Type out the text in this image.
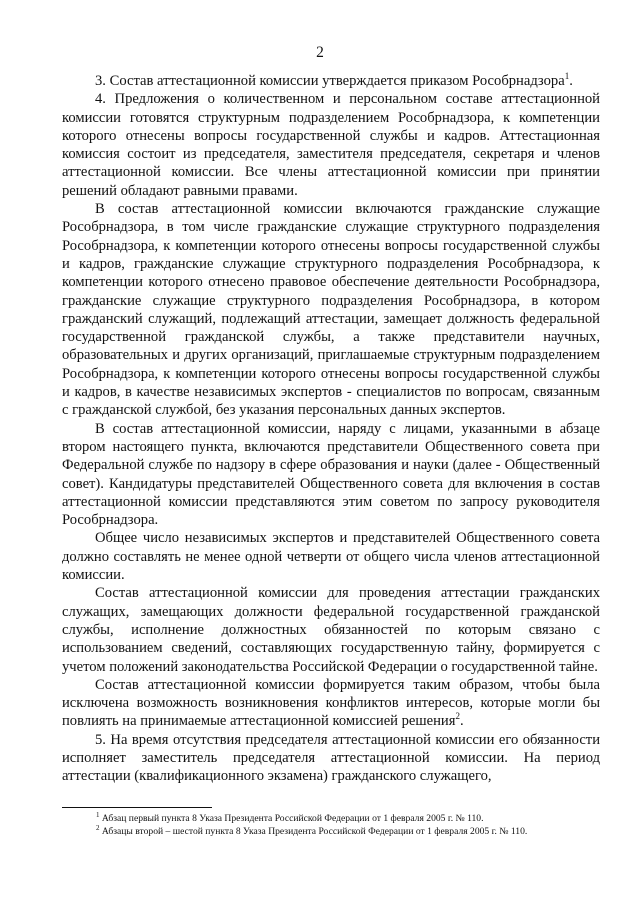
2

3. Состав аттестационной комиссии утверждается приказом Рособрнадзора$^1$.

4. Предложения о количественном и персональном составе аттестационной комиссии готовятся структурным подразделением Рособрнадзора, к компетенции которого отнесены вопросы государственной службы и кадров. Аттестационная комиссия состоит из председателя, заместителя председателя, секретаря и членов аттестационной комиссии. Все члены аттестационной комиссии при принятии решений обладают равными правами.

В состав аттестационной комиссии включаются гражданские служащие Рособрнадзора, в том числе гражданские служащие структурного подразделения Рособрнадзора, к компетенции которого отнесены вопросы государственной службы и кадров, гражданские служащие структурного подразделения Рособрнадзора, к компетенции которого отнесено правовое обеспечение деятельности Рособрнадзора, гражданские служащие структурного подразделения Рособрнадзора, в котором гражданский служащий, подлежащий аттестации, замещает должность федеральной государственной гражданской службы, а также представители научных, образовательных и других организаций, приглашаемые структурным подразделением Рособрнадзора, к компетенции которого отнесены вопросы государственной службы и кадров, в качестве независимых экспертов - специалистов по вопросам, связанным с гражданской службой, без указания персональных данных экспертов.

В состав аттестационной комиссии, наряду с лицами, указанными в абзаце втором настоящего пункта, включаются представители Общественного совета при Федеральной службе по надзору в сфере образования и науки (далее - Общественный совет). Кандидатуры представителей Общественного совета для включения в состав аттестационной комиссии представляются этим советом по запросу руководителя Рособрнадзора.

Общее число независимых экспертов и представителей Общественного совета должно составлять не менее одной четверти от общего числа членов аттестационной комиссии.

Состав аттестационной комиссии для проведения аттестации гражданских служащих, замещающих должности федеральной государственной гражданской службы, исполнение должностных обязанностей по которым связано с использованием сведений, составляющих государственную тайну, формируется с учетом положений законодательства Российской Федерации о государственной тайне.

Состав аттестационной комиссии формируется таким образом, чтобы была исключена возможность возникновения конфликтов интересов, которые могли бы повлиять на принимаемые аттестационной комиссией решения$^2$.

5. На время отсутствия председателя аттестационной комиссии его обязанности исполняет заместитель председателя аттестационной комиссии. На период аттестации (квалификационного экзамена) гражданского служащего,

$^1$ Абзац первый пункта 8 Указа Президента Российской Федерации от 1 февраля 2005 г. № 110.
$^2$ Абзацы второй – шестой пункта 8 Указа Президента Российской Федерации от 1 февраля 2005 г. № 110.
